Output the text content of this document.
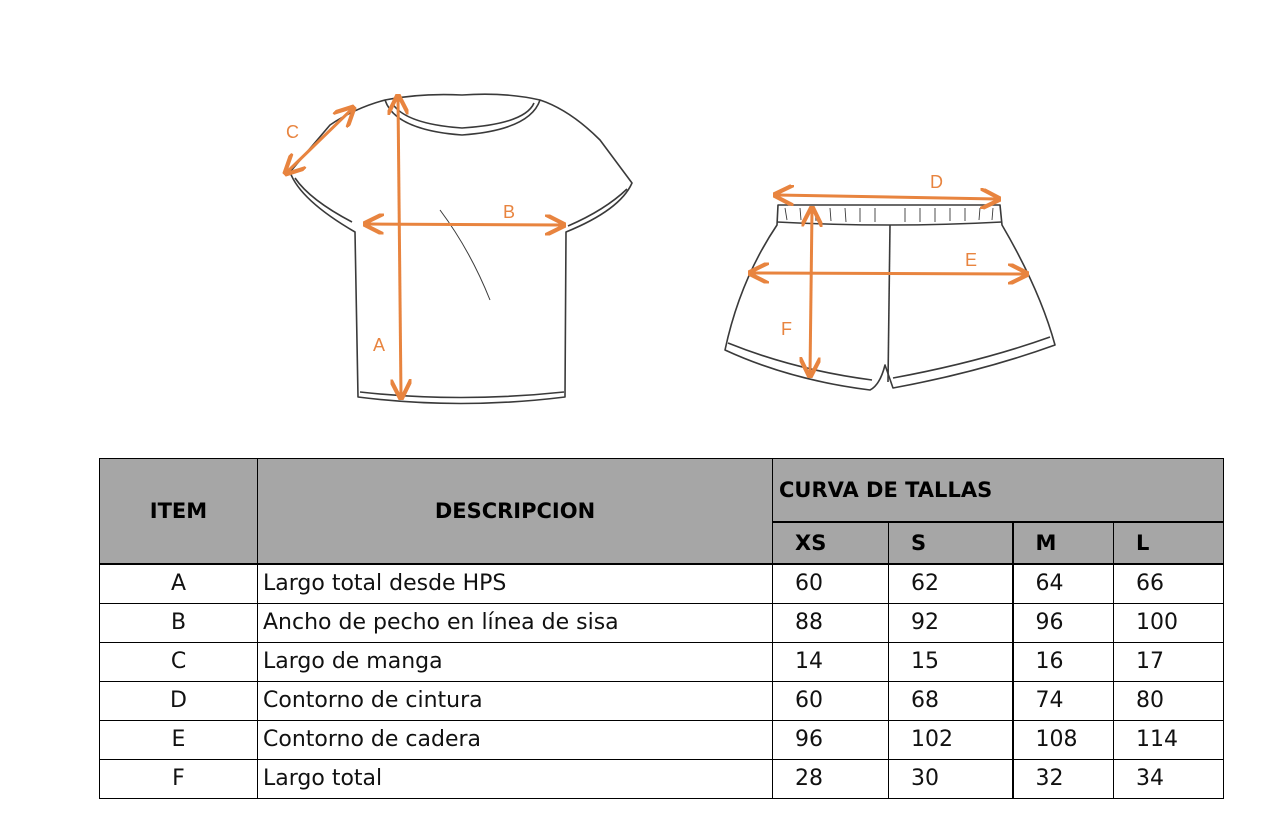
A
B
C
D
E
F
ITEM	DESCRIPCION	CURVA DE TALLAS			
		XS	S	M	L
A	Largo total desde HPS	60	62	64	66
B	Ancho de pecho en línea de sisa	88	92	96	100
C	Largo de manga	14	15	16	17
D	Contorno de cintura	60	68	74	80
E	Contorno de cadera	96	102	108	114
F	Largo total	28	30	32	34
